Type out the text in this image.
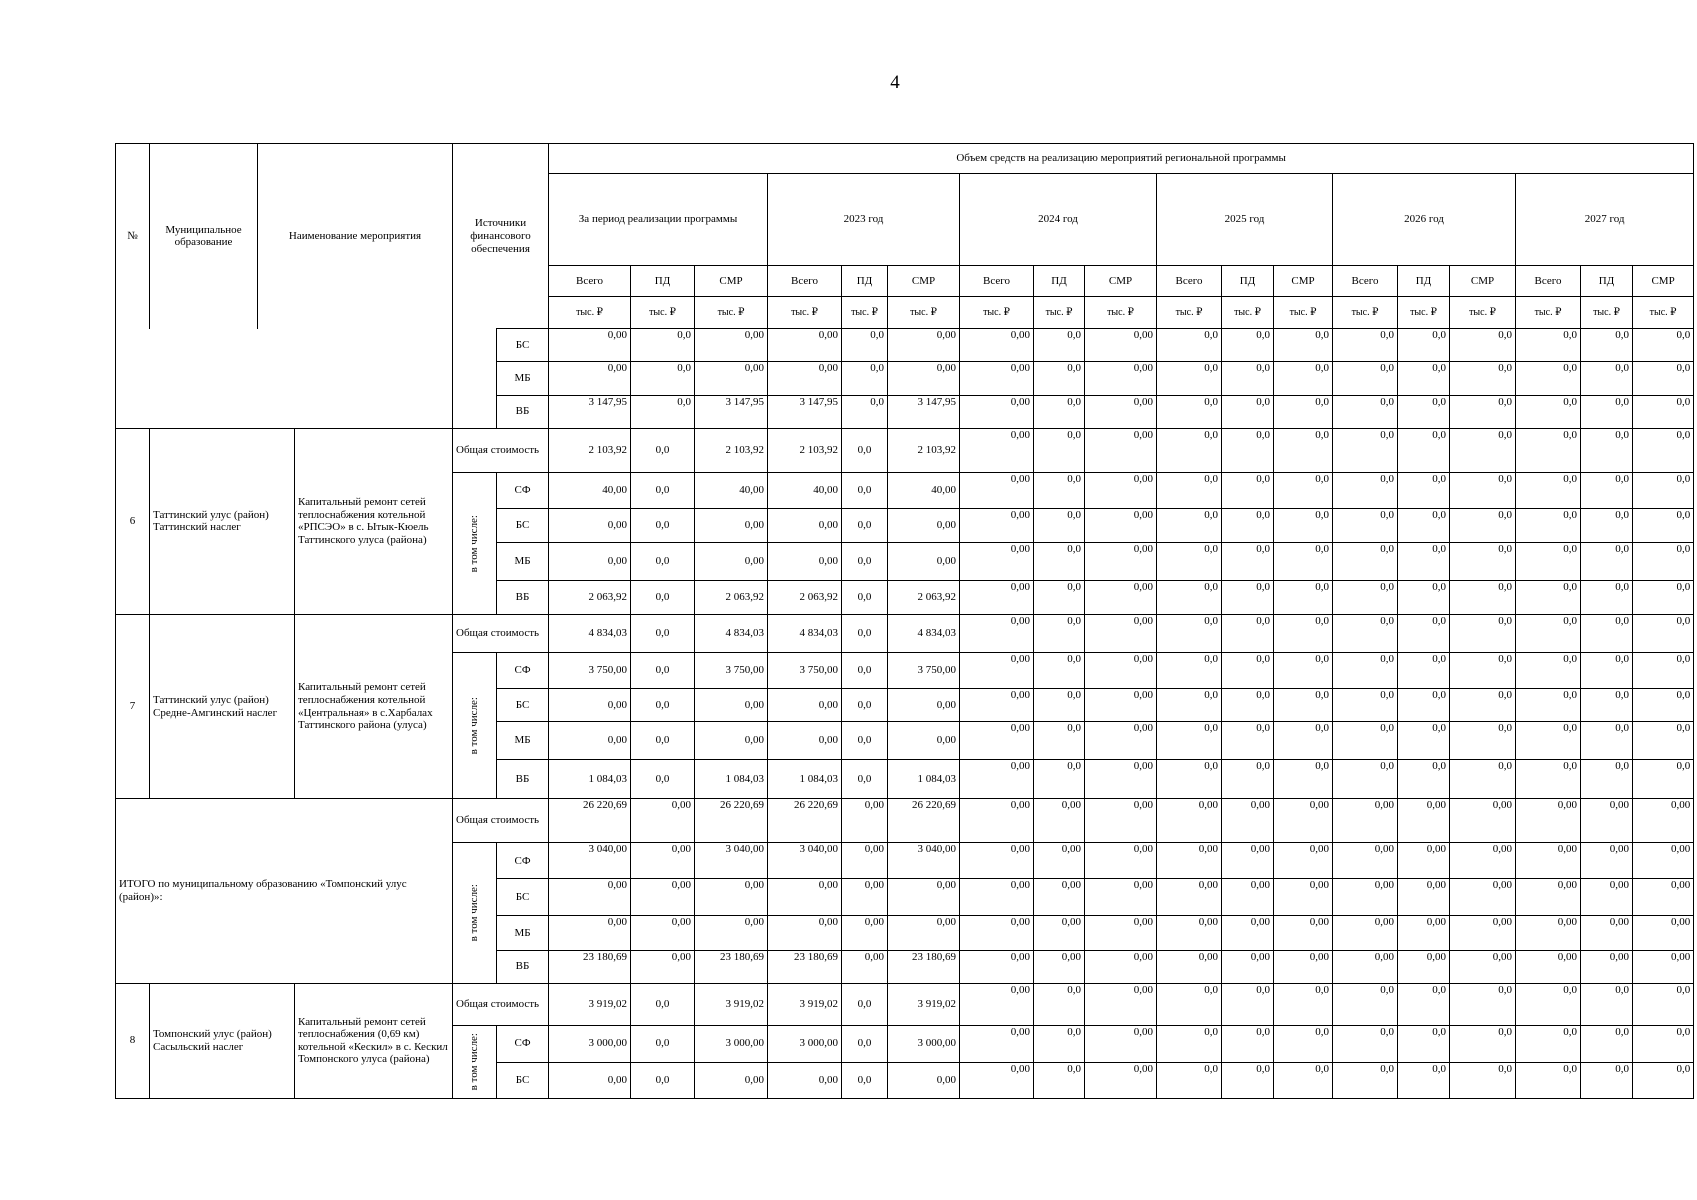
4
№	Муниципальное образование	Наименование мероприятия		Источники финансового обеспечения		Объем средств на реализацию мероприятий региональной программы																	
						За период реализации программы			2023 год			2024 год			2025 год			2026 год			2027 год		
						Всего	ПД	СМР	Всего	ПД	СМР	Всего	ПД	СМР	Всего	ПД	СМР	Всего	ПД	СМР	Всего	ПД	СМР
						тыс. ₽	тыс. ₽	тыс. ₽	тыс. ₽	тыс. ₽	тыс. ₽	тыс. ₽	тыс. ₽	тыс. ₽	тыс. ₽	тыс. ₽	тыс. ₽	тыс. ₽	тыс. ₽	тыс. ₽	тыс. ₽	тыс. ₽	тыс. ₽
					БС	0,00	0,0	0,00	0,00	0,0	0,00	0,00	0,0	0,00	0,0	0,0	0,0	0,0	0,0	0,0	0,0	0,0	0,0
					МБ	0,00	0,0	0,00	0,00	0,0	0,00	0,00	0,0	0,00	0,0	0,0	0,0	0,0	0,0	0,0	0,0	0,0	0,0
					ВБ	3 147,95	0,0	3 147,95	3 147,95	0,0	3 147,95	0,00	0,0	0,00	0,0	0,0	0,0	0,0	0,0	0,0	0,0	0,0	0,0
6	Таттинский улус (район) Таттинский наслег		Капитальный ремонт сетей теплоснабжения котельной «РПСЭО» в с. Ытык-Кюель Таттинского улуса (района)	Общая стоимость		2 103,92	0,0	2 103,92	2 103,92	0,0	2 103,92	0,00	0,0	0,00	0,0	0,0	0,0	0,0	0,0	0,0	0,0	0,0	0,0

				в том числе:	СФ	40,00	0,0	40,00	40,00	0,0	40,00	0,00	0,0	0,00	0,0	0,0	0,0	0,0	0,0	0,0	0,0	0,0	0,0
					БС	0,00	0,0	0,00	0,00	0,0	0,00	0,00	0,0	0,00	0,0	0,0	0,0	0,0	0,0	0,0	0,0	0,0	0,0
					МБ	0,00	0,0	0,00	0,00	0,0	0,00	0,00	0,0	0,00	0,0	0,0	0,0	0,0	0,0	0,0	0,0	0,0	0,0
					ВБ	2 063,92	0,0	2 063,92	2 063,92	0,0	2 063,92	0,00	0,0	0,00	0,0	0,0	0,0	0,0	0,0	0,0	0,0	0,0	0,0
7	Таттинский улус (район) Средне-Амгинский наслег		Капитальный ремонт сетей теплоснабжения котельной «Центральная» в с.Харбалах Таттинского района (улуса)	Общая стоимость		4 834,03	0,0	4 834,03	4 834,03	0,0	4 834,03	0,00	0,0	0,00	0,0	0,0	0,0	0,0	0,0	0,0	0,0	0,0	0,0

				в том числе:	СФ	3 750,00	0,0	3 750,00	3 750,00	0,0	3 750,00	0,00	0,0	0,00	0,0	0,0	0,0	0,0	0,0	0,0	0,0	0,0	0,0
					БС	0,00	0,0	0,00	0,00	0,0	0,00	0,00	0,0	0,00	0,0	0,0	0,0	0,0	0,0	0,0	0,0	0,0	0,0
					МБ	0,00	0,0	0,00	0,00	0,0	0,00	0,00	0,0	0,00	0,0	0,0	0,0	0,0	0,0	0,0	0,0	0,0	0,0
					ВБ	1 084,03	0,0	1 084,03	1 084,03	0,0	1 084,03	0,00	0,0	0,00	0,0	0,0	0,0	0,0	0,0	0,0	0,0	0,0	0,0
ИТОГО по муниципальному образованию «Томпонский улус (район)»:				Общая стоимость		26 220,69	0,00	26 220,69	26 220,69	0,00	26 220,69	0,00	0,00	0,00	0,00	0,00	0,00	0,00	0,00	0,00	0,00	0,00	0,00

				в том числе:	СФ	3 040,00	0,00	3 040,00	3 040,00	0,00	3 040,00	0,00	0,00	0,00	0,00	0,00	0,00	0,00	0,00	0,00	0,00	0,00	0,00
					БС	0,00	0,00	0,00	0,00	0,00	0,00	0,00	0,00	0,00	0,00	0,00	0,00	0,00	0,00	0,00	0,00	0,00	0,00
					МБ	0,00	0,00	0,00	0,00	0,00	0,00	0,00	0,00	0,00	0,00	0,00	0,00	0,00	0,00	0,00	0,00	0,00	0,00
					ВБ	23 180,69	0,00	23 180,69	23 180,69	0,00	23 180,69	0,00	0,00	0,00	0,00	0,00	0,00	0,00	0,00	0,00	0,00	0,00	0,00
8	Томпонский улус (район) Сасыльский наслег		Капитальный ремонт сетей теплоснабжения (0,69 км) котельной «Кескил» в с. Кескил Томпонского улуса (района)	Общая стоимость		3 919,02	0,0	3 919,02	3 919,02	0,0	3 919,02	0,00	0,0	0,00	0,0	0,0	0,0	0,0	0,0	0,0	0,0	0,0	0,0

				в том числе:	СФ	3 000,00	0,0	3 000,00	3 000,00	0,0	3 000,00	0,00	0,0	0,00	0,0	0,0	0,0	0,0	0,0	0,0	0,0	0,0	0,0
					БС	0,00	0,0	0,00	0,00	0,0	0,00	0,00	0,0	0,00	0,0	0,0	0,0	0,0	0,0	0,0	0,0	0,0	0,0
